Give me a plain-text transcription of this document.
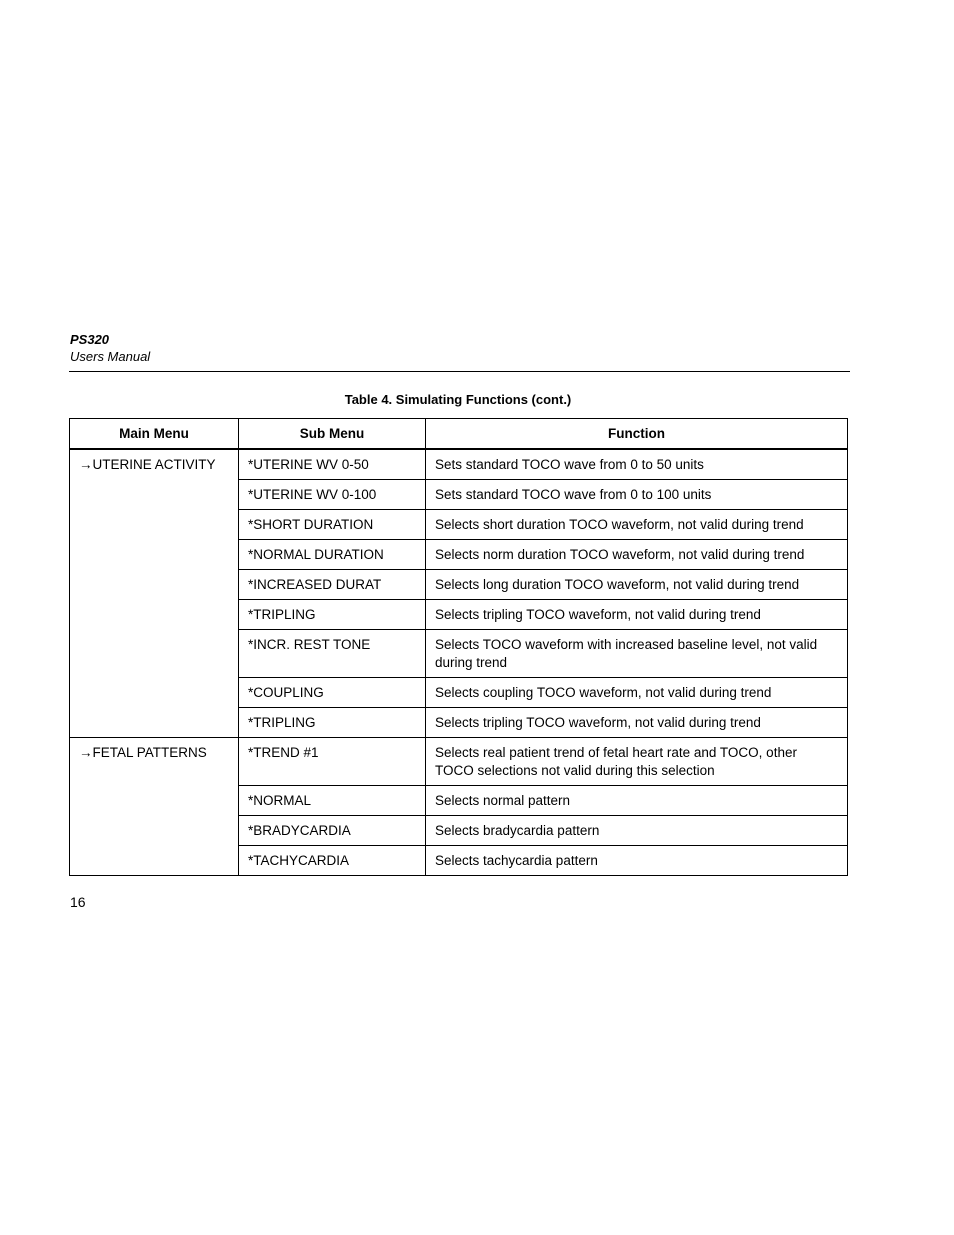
PS320
Users Manual
Table 4. Simulating Functions (cont.)
Main Menu	Sub Menu	Function
→UTERINE ACTIVITY	*UTERINE WV 0-50	Sets standard TOCO wave from 0 to 50 units
	*UTERINE WV 0-100	Sets standard TOCO wave from 0 to 100 units
	*SHORT DURATION	Selects short duration TOCO waveform, not valid during trend
	*NORMAL DURATION	Selects norm duration TOCO waveform, not valid during trend
	*INCREASED DURAT	Selects long duration TOCO waveform, not valid during trend
	*TRIPLING	Selects tripling TOCO waveform, not valid during trend
	*INCR. REST TONE	Selects TOCO waveform with increased baseline level, not valid during trend
	*COUPLING	Selects coupling TOCO waveform, not valid during trend
	*TRIPLING	Selects tripling TOCO waveform, not valid during trend
→FETAL PATTERNS	*TREND #1	Selects real patient trend of fetal heart rate and TOCO, other TOCO selections not valid during this selection
	*NORMAL	Selects normal pattern
	*BRADYCARDIA	Selects bradycardia pattern
	*TACHYCARDIA	Selects tachycardia pattern
16
